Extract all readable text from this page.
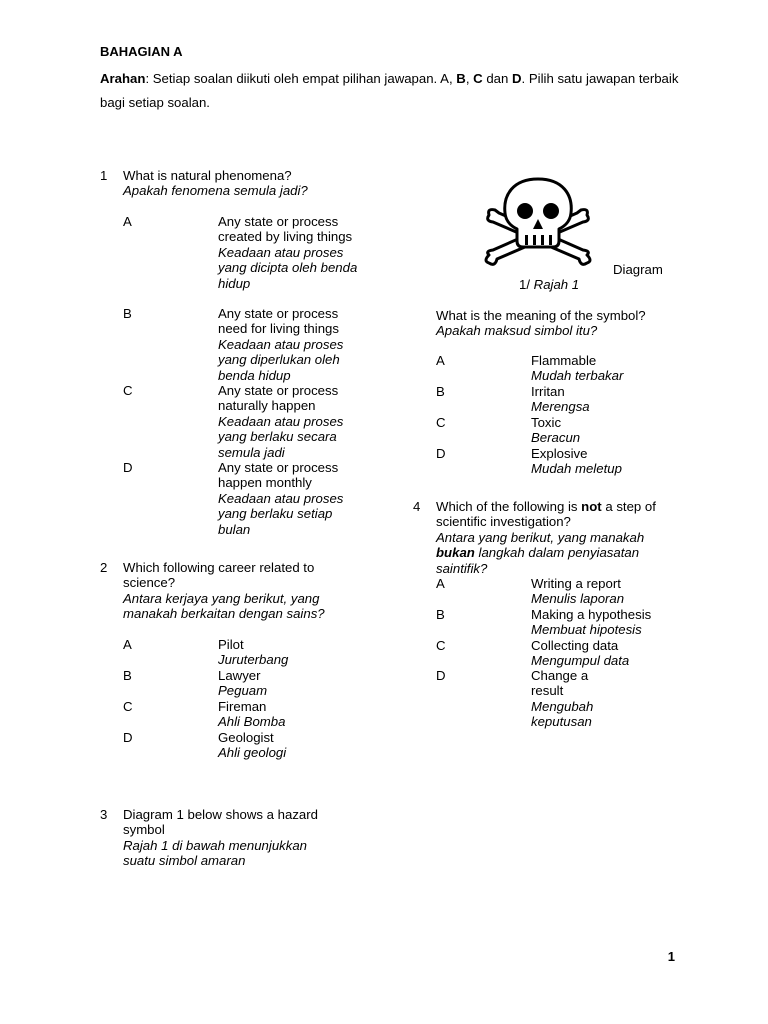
BAHAGIAN A
Arahan: Setiap soalan diikuti oleh empat pilihan jawapan. A, B, C dan D. Pilih satu jawapan terbaik bagi setiap soalan.
1 What is natural phenomena?
Apakah fenomena semula jadi?
A	Any state or process created by living things
Keadaan atau proses yang dicipta oleh benda hidup
B	Any state or process need for living things
Keadaan atau proses yang diperlukan oleh benda hidup
C	Any state or process naturally happen
Keadaan atau proses yang berlaku secara semula jadi
D	Any state or process happen monthly
Keadaan atau proses yang berlaku setiap bulan
2 Which following career related to science?
Antara kerjaya yang berikut, yang manakah berkaitan dengan sains?
A	Pilot
Juruterbang
B	Lawyer
Peguam
C	Fireman
Ahli Bomba
D	Geologist
Ahli geologi
3 Diagram 1 below shows a hazard symbol
Rajah 1 di bawah menunjukkan suatu simbol amaran
Diagram
1/ Rajah 1
What is the meaning of the symbol?
Apakah maksud simbol itu?
A	Flammable
Mudah terbakar
B	Irritan
Merengsa
C	Toxic
Beracun
D	Explosive
Mudah meletup
4 Which of the following is not a step of scientific investigation?
Antara yang berikut, yang manakah bukan langkah dalam penyiasatan saintifik?
A	Writing a report
Menulis laporan
B	Making a hypothesis
Membuat hipotesis
C	Collecting data
Mengumpul data
D	Change a result
Mengubah keputusan
1
